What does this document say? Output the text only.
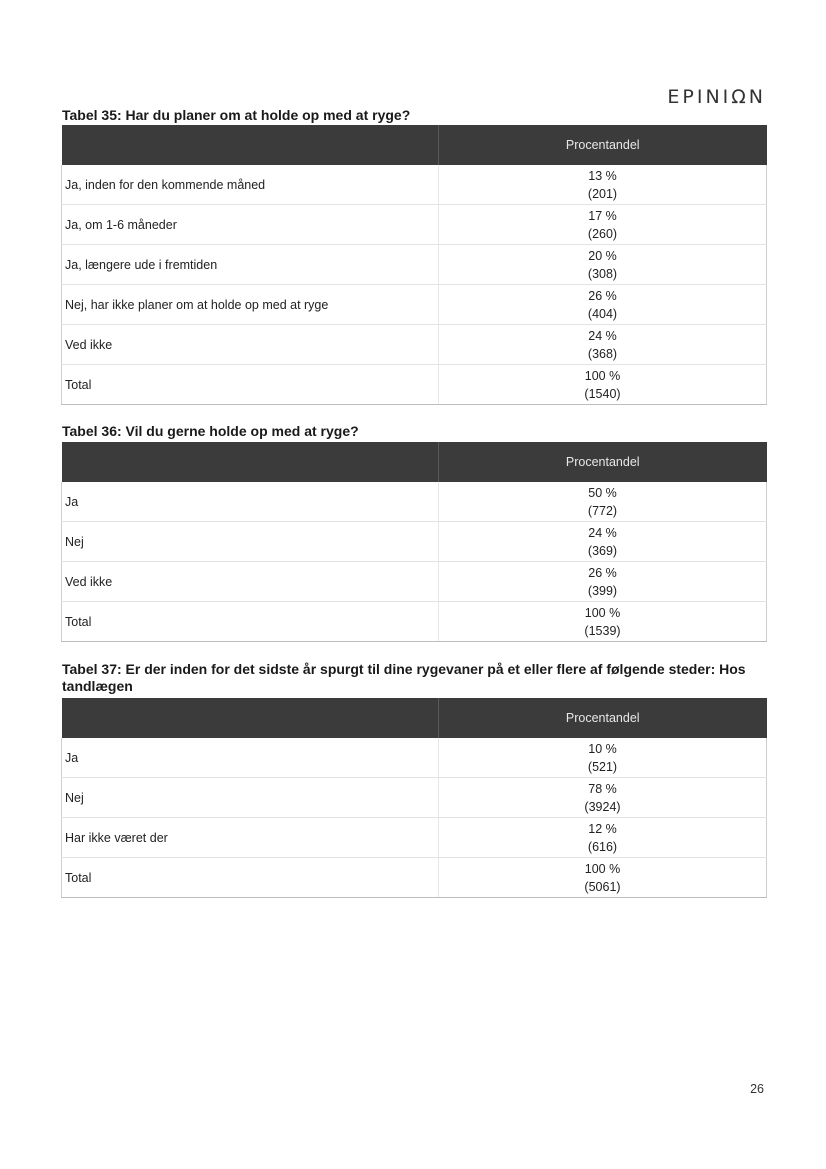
EPINIΩN
Tabel 35: Har du planer om at holde op med at ryge?
	Procentandel
Ja, inden for den kommende måned	13 %
(201)
Ja, om 1-6 måneder	17 %
(260)
Ja, længere ude i fremtiden	20 %
(308)
Nej, har ikke planer om at holde op med at ryge	26 %
(404)
Ved ikke	24 %
(368)
Total	100 %
(1540)
Tabel 36: Vil du gerne holde op med at ryge?
	Procentandel
Ja	50 %
(772)
Nej	24 %
(369)
Ved ikke	26 %
(399)
Total	100 %
(1539)
Tabel 37: Er der inden for det sidste år spurgt til dine rygevaner på et eller flere af følgende steder: Hos tandlægen
	Procentandel
Ja	10 %
(521)
Nej	78 %
(3924)
Har ikke været der	12 %
(616)
Total	100 %
(5061)
26
